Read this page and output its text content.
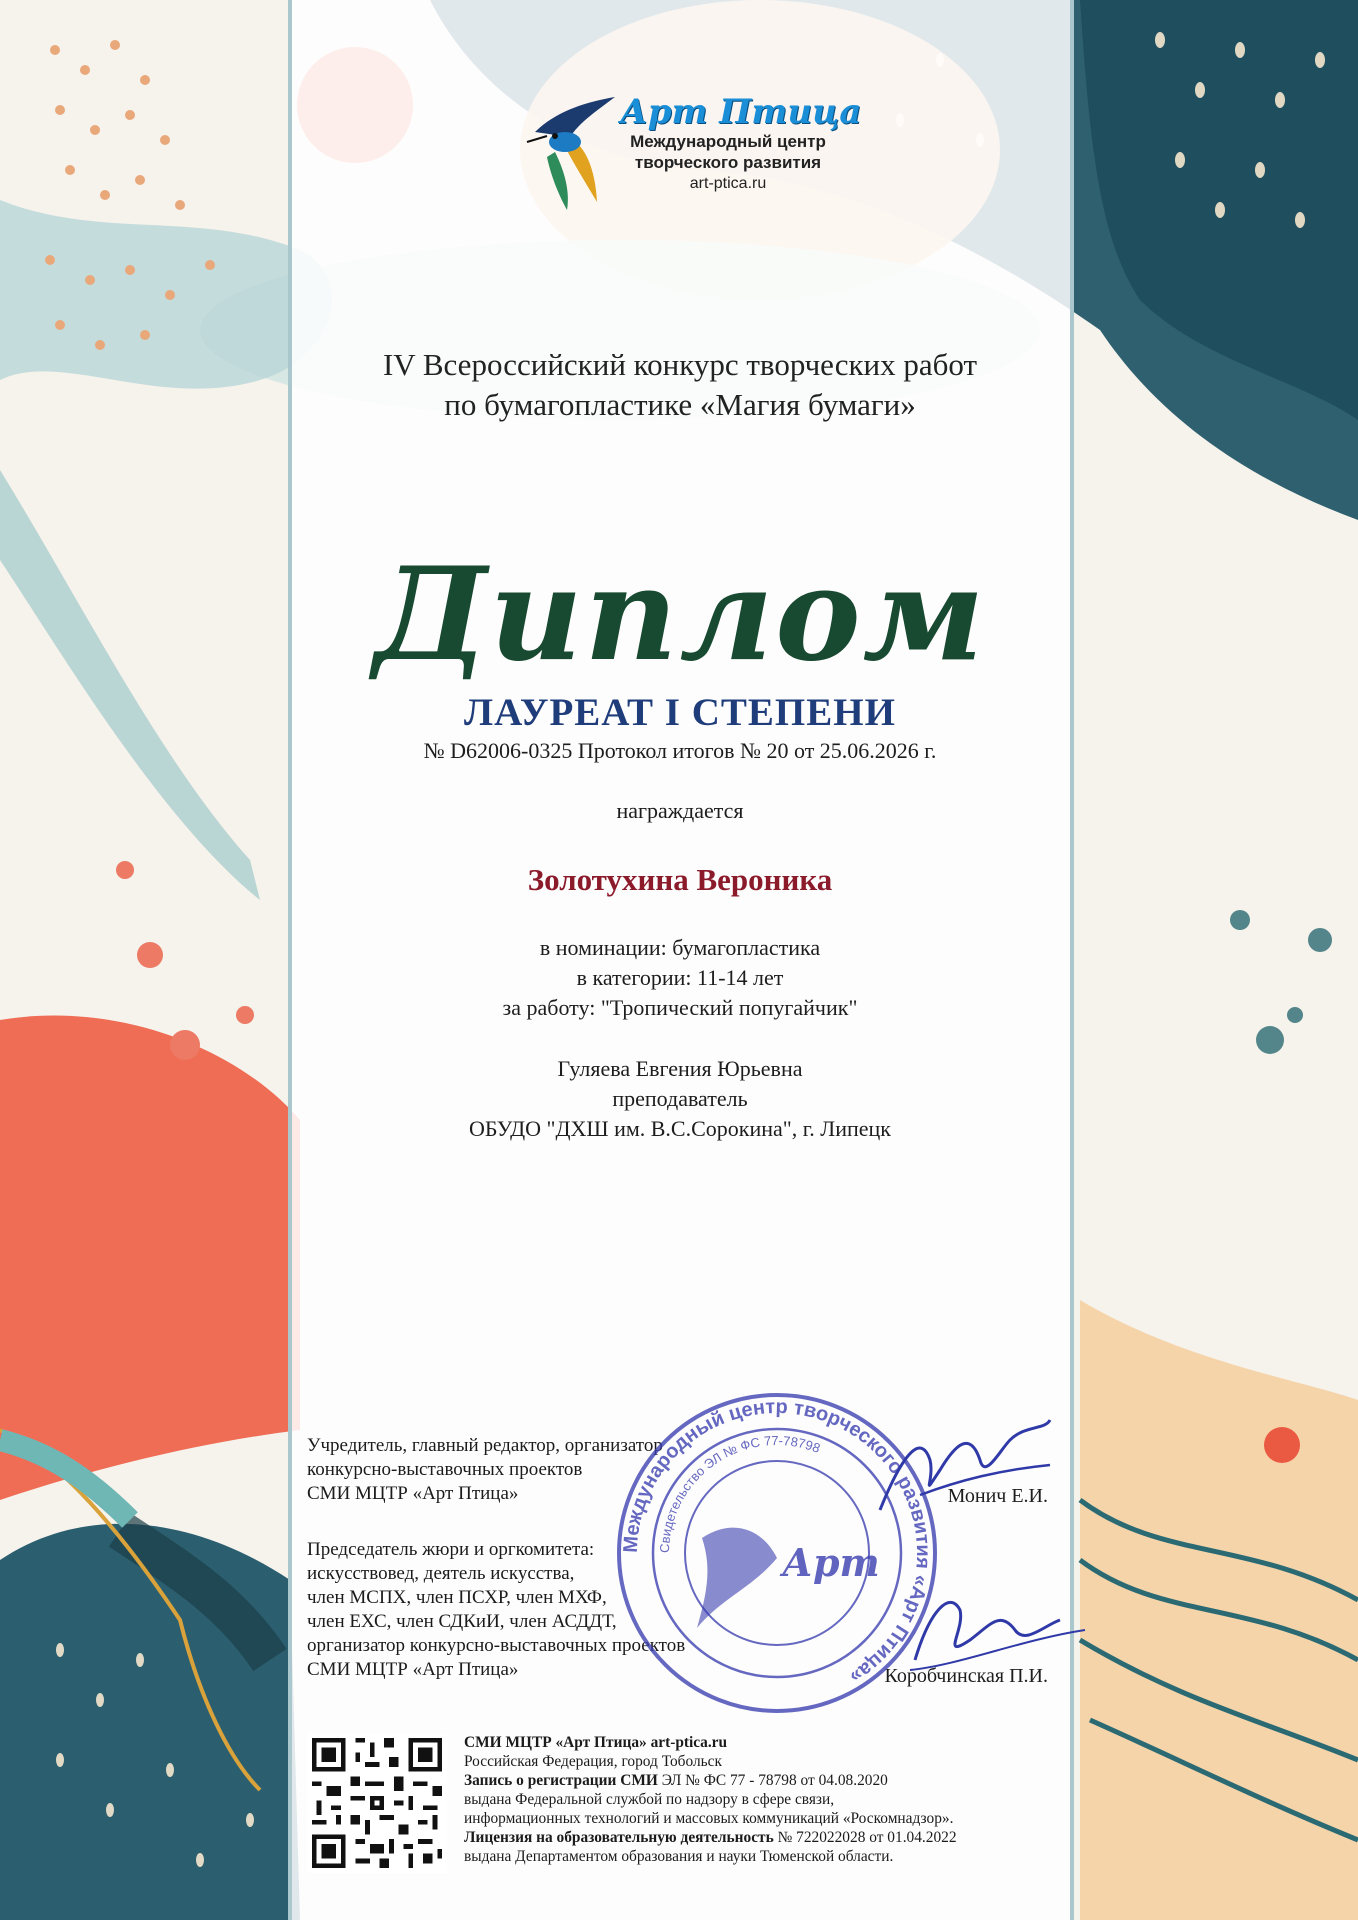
Арт Птица
Международный центр
творческого развития
art-ptica.ru
IV Всероссийский конкурс творческих работ
по бумагопластике «Магия бумаги»
Диплом
ЛАУРЕАТ I СТЕПЕНИ
№ D62006-0325 Протокол итогов № 20 от 25.06.2026 г.
награждается
Золотухина Вероника
в номинации: бумагопластика
в категории: 11-14 лет
за работу: "Тропический попугайчик"
Гуляева Евгения Юрьевна
преподаватель
ОБУДО "ДХШ им. В.С.Сорокина", г. Липецк
Учредитель, главный редактор, организатор
конкурсно-выставочных проектов
СМИ МЦТР «Арт Птица»	Монич Е.И.
Председатель жюри и оргкомитета:
искусствовед, деятель искусства,
член МСПХ, член ПСХР, член МХФ,
член ЕХС, член СДКиИ, член АСДДТ,
организатор конкурсно-выставочных проектов
СМИ МЦТР «Арт Птица»	Коробчинская П.И.
Международный центр творческого развития «Арт Птица»
Свидетельство ЭЛ № ФС 77-78798
Арт
СМИ МЦТР «Арт Птица» art-ptica.ru
Российская Федерация, город Тобольск
Запись о регистрации СМИ ЭЛ № ФС 77 - 78798 от 04.08.2020
выдана Федеральной службой по надзору в сфере связи,
информационных технологий и массовых коммуникаций «Роскомнадзор».
Лицензия на образовательную деятельность № 722022028 от 01.04.2022
выдана Департаментом образования и науки Тюменской области.
